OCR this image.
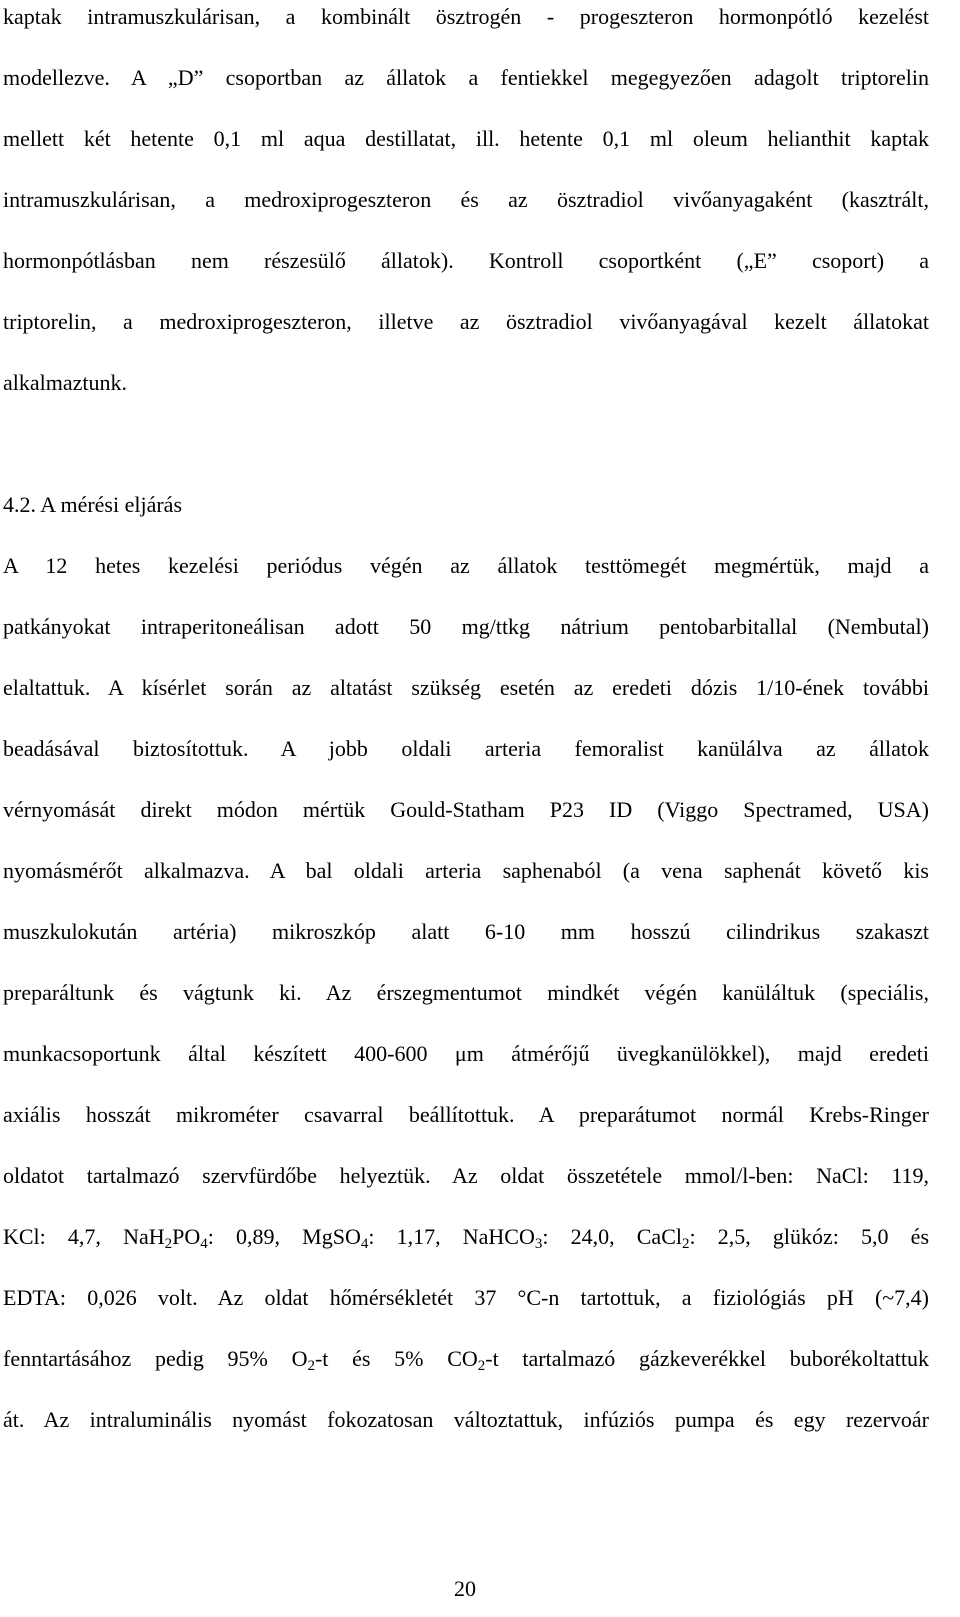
kaptak intramuszkulárisan, a kombinált ösztrogén - progeszteron hormonpótló kezelést
modellezve. A „D” csoportban az állatok a fentiekkel megegyezően adagolt triptorelin
mellett két hetente 0,1 ml aqua destillatat, ill. hetente 0,1 ml oleum helianthit kaptak
intramuszkulárisan, a medroxiprogeszteron és az ösztradiol vivőanyagaként (kasztrált,
hormonpótlásban nem részesülő állatok). Kontroll csoportként („E” csoport) a
triptorelin, a medroxiprogeszteron, illetve az ösztradiol vivőanyagával kezelt állatokat
alkalmaztunk.
4.2. A mérési eljárás
A 12 hetes kezelési periódus végén az állatok testtömegét megmértük, majd a
patkányokat intraperitoneálisan adott 50 mg/ttkg nátrium pentobarbitallal (Nembutal)
elaltattuk. A kísérlet során az altatást szükség esetén az eredeti dózis 1/10-ének további
beadásával biztosítottuk. A jobb oldali arteria femoralist kanülálva az állatok
vérnyomását direkt módon mértük Gould-Statham P23 ID (Viggo Spectramed, USA)
nyomásmérőt alkalmazva. A bal oldali arteria saphenaból (a vena saphenát követő kis
muszkulokután artéria) mikroszkóp alatt 6-10 mm hosszú cilindrikus szakaszt
preparáltunk és vágtunk ki. Az érszegmentumot mindkét végén kanüláltuk (speciális,
munkacsoportunk által készített 400-600 μm átmérőjű üvegkanülökkel), majd eredeti
axiális hosszát mikrométer csavarral beállítottuk. A preparátumot normál Krebs-Ringer
oldatot tartalmazó szervfürdőbe helyeztük. Az oldat összetétele mmol/l-ben: NaCl: 119,
KCl: 4,7, $NaH_2PO_4$: 0,89, MgSO$_4$: 1,17, NaHCO$_3$: 24,0, CaCl$_2$: 2,5, glükóz: 5,0 és
EDTA: 0,026 volt. Az oldat hőmérsékletét 37 °C-n tartottuk, a fiziológiás pH (~7,4)
fenntartásához pedig 95% $O_2-t$ és 5% $CO_2-t$ tartalmazó gázkeverékkel buborékoltattuk
át. Az intraluminális nyomást fokozatosan változtattuk, infúziós pumpa és egy rezervoár
20
